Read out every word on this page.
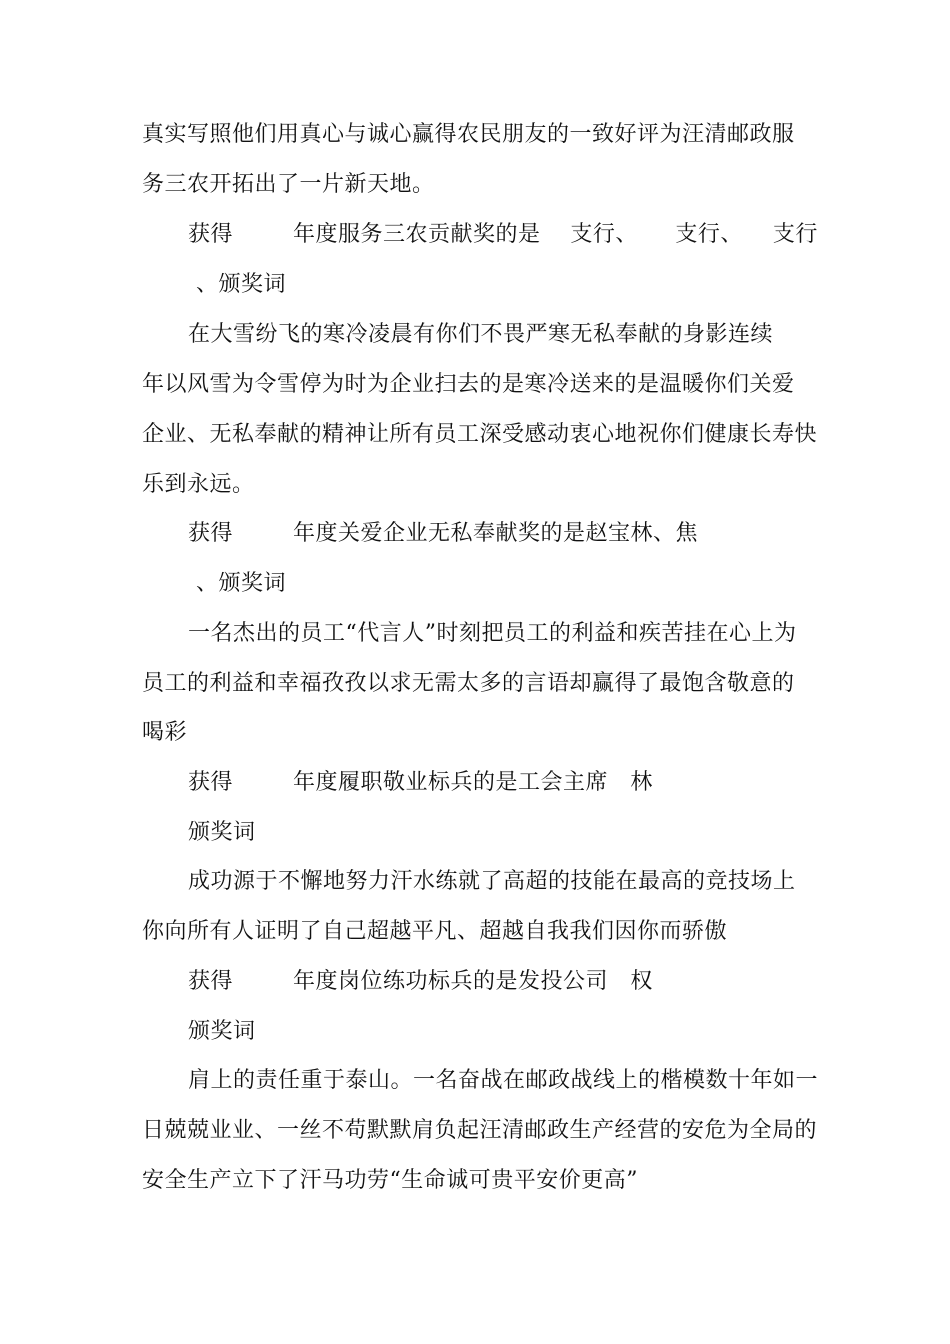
真实写照他们用真心与诚心赢得农民朋友的一致好评为汪清邮政服
务三农开拓出了一片新天地。
获得        年度服务三农贡献奖的是    支行、     支行、    支行
、颁奖词
在大雪纷飞的寒冷凌晨有你们不畏严寒无私奉献的身影连续
年以风雪为令雪停为时为企业扫去的是寒冷送来的是温暖你们关爱
企业、无私奉献的精神让所有员工深受感动衷心地祝你们健康长寿快
乐到永远。
获得        年度关爱企业无私奉献奖的是赵宝林、焦
、颁奖词
一名杰出的员工“代言人”时刻把员工的利益和疾苦挂在心上为
员工的利益和幸福孜孜以求无需太多的言语却赢得了最饱含敬意的
喝彩
获得        年度履职敬业标兵的是工会主席   林
颁奖词
成功源于不懈地努力汗水练就了高超的技能在最高的竞技场上
你向所有人证明了自己超越平凡、超越自我我们因你而骄傲
获得        年度岗位练功标兵的是发投公司   权
颁奖词
肩上的责任重于泰山。一名奋战在邮政战线上的楷模数十年如一
日兢兢业业、一丝不苟默默肩负起汪清邮政生产经营的安危为全局的
安全生产立下了汗马功劳“生命诚可贵平安价更高”
